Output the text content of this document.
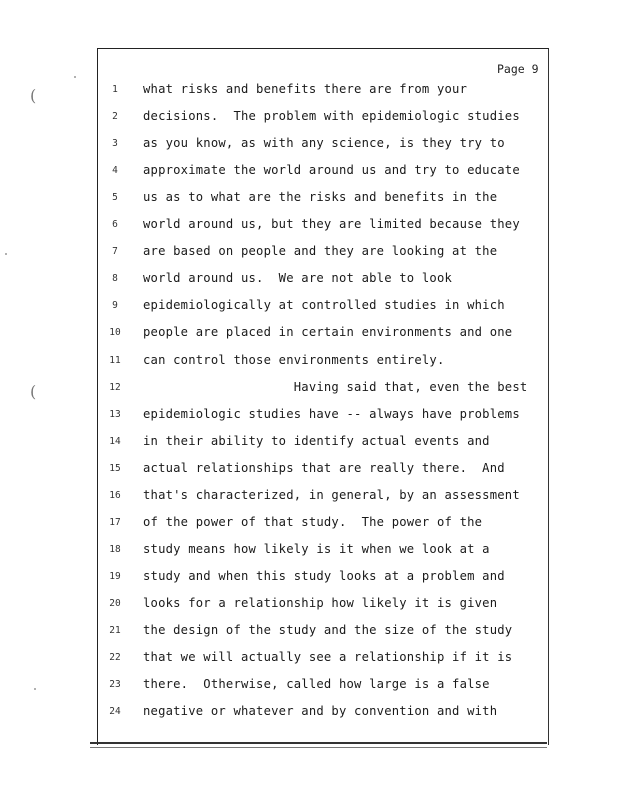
Page 9
(
(
1	what risks and benefits there are from your
2	decisions.  The problem with epidemiologic studies
3	as you know, as with any science, is they try to
4	approximate the world around us and try to educate
5	us as to what are the risks and benefits in the
6	world around us, but they are limited because they
7	are based on people and they are looking at the
8	world around us.  We are not able to look
9	epidemiologically at controlled studies in which
10	people are placed in certain environments and one
11	can control those environments entirely.
12	Having said that, even the best
13	epidemiologic studies have -- always have problems
14	in their ability to identify actual events and
15	actual relationships that are really there.  And
16	that's characterized, in general, by an assessment
17	of the power of that study.  The power of the
18	study means how likely is it when we look at a
19	study and when this study looks at a problem and
20	looks for a relationship how likely it is given
21	the design of the study and the size of the study
22	that we will actually see a relationship if it is
23	there.  Otherwise, called how large is a false
24	negative or whatever and by convention and with
